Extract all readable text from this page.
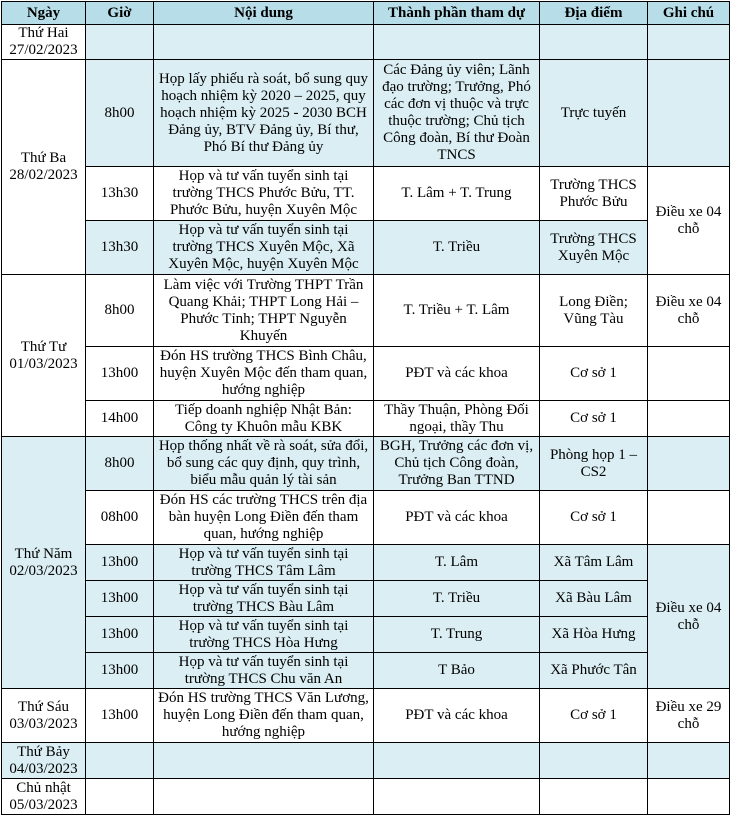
Ngày	Giờ	Nội dung	Thành phần tham dự	Địa điểm	Ghi chú
Thứ Hai 27/02/2023					
Thứ Ba 28/02/2023	8h00	Họp lấy phiếu rà soát, bổ sung quy hoạch nhiệm kỳ 2020 – 2025, quy hoạch nhiệm kỳ 2025 - 2030 BCH Đảng ủy, BTV Đảng ủy, Bí thư, Phó Bí thư Đảng ủy	Các Đảng ủy viên; Lãnh đạo trường; Trưởng, Phó các đơn vị thuộc và trực thuộc trường; Chủ tịch Công đoàn, Bí thư Đoàn TNCS	Trực tuyến	
	13h30	Họp và tư vấn tuyển sinh tại trường THCS Phước Bửu, TT. Phước Bửu, huyện Xuyên Mộc	T. Lâm + T. Trung	Trường THCS Phước Bửu	Điều xe 04 chỗ
	13h30	Họp và tư vấn tuyển sinh tại trường THCS Xuyên Mộc, Xã Xuyên Mộc, huyện Xuyên Mộc	T. Triều	Trường THCS Xuyên Mộc	
Thứ Tư 01/03/2023	8h00	Làm việc với Trường THPT Trần Quang Khải; THPT Long Hải – Phước Tỉnh; THPT Nguyễn Khuyến	T. Triều + T. Lâm	Long Điền; Vũng Tàu	Điều xe 04 chỗ
	13h00	Đón HS trường THCS Bình Châu, huyện Xuyên Mộc đến tham quan, hướng nghiệp	PĐT và các khoa	Cơ sở 1	
	14h00	Tiếp doanh nghiệp Nhật Bản: Công ty Khuôn mẫu KBK	Thầy Thuận, Phòng Đối ngoại, thầy Thu	Cơ sở 1	
Thứ Năm 02/03/2023	8h00	Họp thống nhất về rà soát, sửa đổi, bổ sung các quy định, quy trình, biểu mẫu quản lý tài sản	BGH, Trưởng các đơn vị, Chủ tịch Công đoàn, Trưởng Ban TTND	Phòng họp 1 – CS2	
	08h00	Đón HS các trường THCS trên địa bàn huyện Long Điền đến tham quan, hướng nghiệp	PĐT và các khoa	Cơ sở 1	
	13h00	Họp và tư vấn tuyển sinh tại trường THCS Tâm Lâm	T. Lâm	Xã Tâm Lâm	Điều xe 04 chỗ
	13h00	Họp và tư vấn tuyển sinh tại trường THCS Bàu Lâm	T. Triều	Xã Bàu Lâm	
	13h00	Họp và tư vấn tuyển sinh tại trường THCS Hòa Hưng	T. Trung	Xã Hòa Hưng	
	13h00	Họp và tư vấn tuyển sinh tại trường THCS Chu văn An	T Bảo	Xã Phước Tân	
Thứ Sáu 03/03/2023	13h00	Đón HS trường THCS Văn Lương, huyện Long Điền đến tham quan, hướng nghiệp	PĐT và các khoa	Cơ sở 1	Điều xe 29 chỗ
Thứ Bảy 04/03/2023					
Chủ nhật 05/03/2023					
